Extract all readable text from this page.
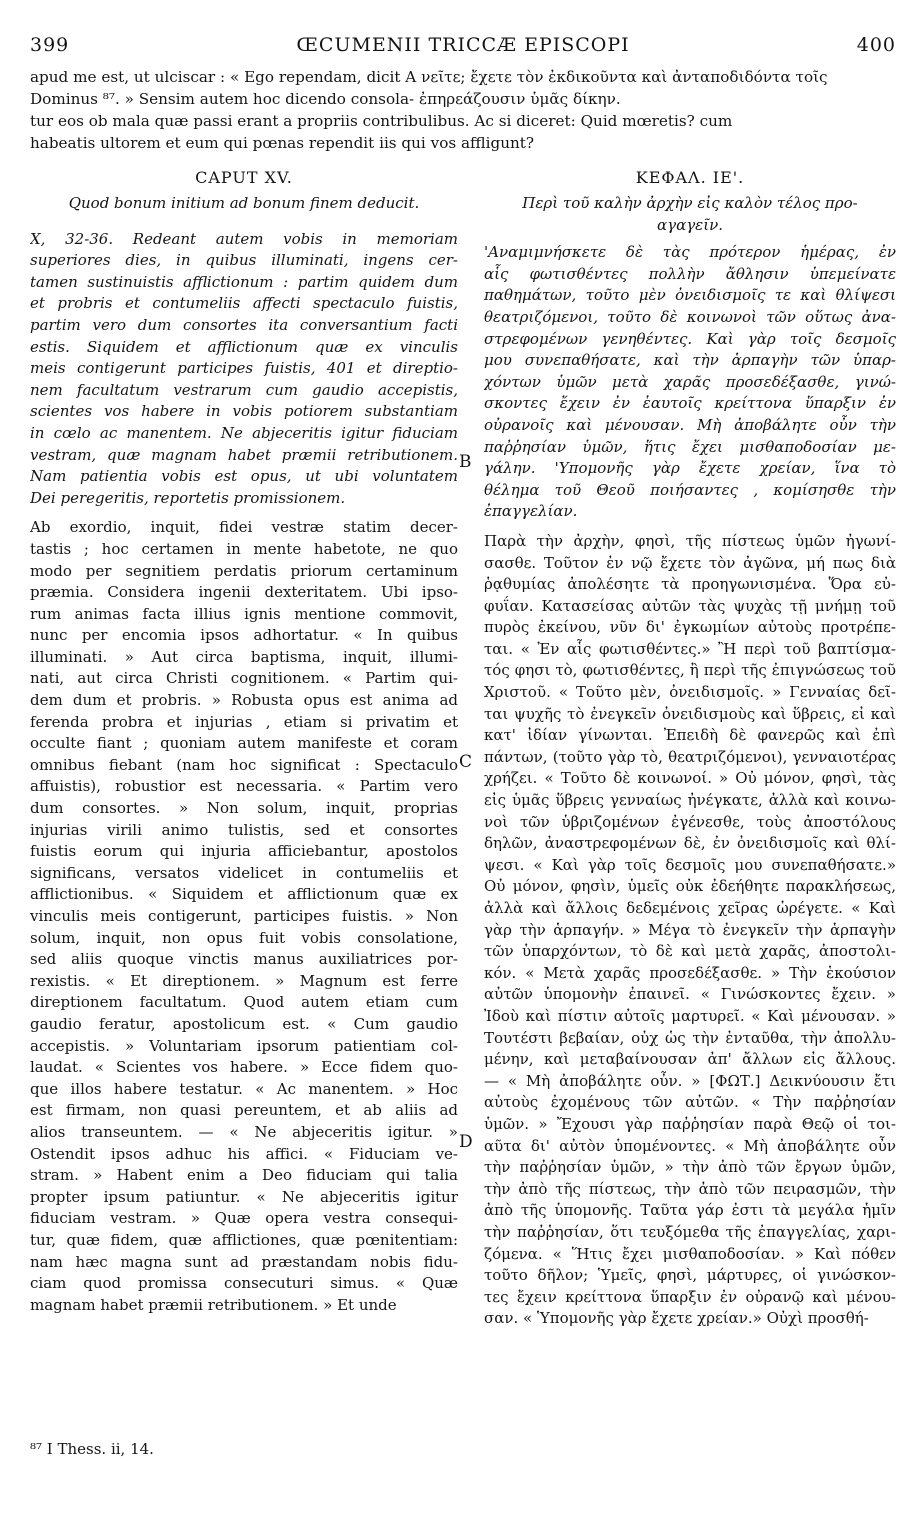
399	ŒCUMENII TRICCÆ EPISCOPI	400
apud me est, ut ulciscar : « Ego rependam, dicit A νεῖτε; ἔχετε τὸν ἐκδικοῦντα καὶ ἀνταποδιδόντα τοῖς
Dominus ⁸⁷. » Sensim autem hoc dicendo consola- ἐπηρεάζουσιν ὑμᾶς δίκην.
tur eos ob mala quæ passi erant a propriis contribulibus. Ac si diceret: Quid mœretis? cum
habeatis ultorem et eum qui pœnas rependit iis qui vos affligunt?
CAPUT XV.
Quod bonum initium ad bonum finem deducit.
X, 32-36. Redeant autem vobis in memoriam
superiores dies, in quibus illuminati, ingens cer-
tamen sustinuistis afflictionum : partim quidem dum
et probris et contumeliis affecti spectaculo fuistis,
partim vero dum consortes ita conversantium facti
estis. Siquidem et afflictionum quæ ex vinculis
meis contigerunt participes fuistis, 401 et direptio-
nem facultatum vestrarum cum gaudio accepistis,
scientes vos habere in vobis potiorem substantiam
in cœlo ac manentem. Ne abjeceritis igitur fiduciam
vestram, quæ magnam habet præmii retributionem.
Nam patientia vobis est opus, ut ubi voluntatem
Dei peregeritis, reportetis promissionem.
Ab exordio, inquit, fidei vestræ statim decer-
tastis ; hoc certamen in mente habetote, ne quo
modo per segnitiem perdatis priorum certaminum
præmia. Considera ingenii dexteritatem. Ubi ipso-
rum animas facta illius ignis mentione commovit,
nunc per encomia ipsos adhortatur. « In quibus
illuminati. » Aut circa baptisma, inquit, illumi-
nati, aut circa Christi cognitionem. « Partim qui-
dem dum et probris. » Robusta opus est anima ad
ferenda probra et injurias , etiam si privatim et
occulte fiant ; quoniam autem manifeste et coram
omnibus fiebant (nam hoc significat : Spectaculo
affuistis), robustior est necessaria. « Partim vero
dum consortes. » Non solum, inquit, proprias
injurias virili animo tulistis, sed et consortes
fuistis eorum qui injuria afficiebantur, apostolos
significans, versatos videlicet in contumeliis et
afflictionibus. « Siquidem et afflictionum quæ ex
vinculis meis contigerunt, participes fuistis. » Non
solum, inquit, non opus fuit vobis consolatione,
sed aliis quoque vinctis manus auxiliatrices por-
rexistis. « Et direptionem. » Magnum est ferre
direptionem facultatum. Quod autem etiam cum
gaudio feratur, apostolicum est. « Cum gaudio
accepistis. » Voluntariam ipsorum patientiam col-
laudat. « Scientes vos habere. » Ecce fidem quo-
que illos habere testatur. « Ac manentem. » Hoc
est firmam, non quasi pereuntem, et ab aliis ad
alios transeuntem. — « Ne abjeceritis igitur. »
Ostendit ipsos adhuc his affici. « Fiduciam ve-
stram. » Habent enim a Deo fiduciam qui talia
propter ipsum patiuntur. « Ne abjeceritis igitur
fiduciam vestram. » Quæ opera vestra consequi-
tur, quæ fidem, quæ afflictiones, quæ pœnitentiam:
nam hæc magna sunt ad præstandam nobis fidu-
ciam quod promissa consecuturi simus. « Quæ
magnam habet præmii retributionem. » Et unde
ΚΕΦΑΛ. ΙΕ'.
Περὶ τοῦ καλὴν ἀρχὴν εἰς καλὸν τέλος προ-
αγαγεῖν.
'Αναμιμνήσκετε δὲ τὰς πρότερον ἡμέρας, ἐν
αἷς φωτισθέντες πολλὴν ἄθλησιν ὑπεμείνατε
παθημάτων, τοῦτο μὲν ὀνειδισμοῖς τε καὶ θλίψεσι
θεατριζόμενοι, τοῦτο δὲ κοινωνοὶ τῶν οὕτως ἀνα-
στρεφομένων γενηθέντες. Καὶ γὰρ τοῖς δεσμοῖς
μου συνεπαθήσατε, καὶ τὴν ἁρπαγὴν τῶν ὑπαρ-
χόντων ὑμῶν μετὰ χαρᾶς προσεδέξασθε, γινώ-
σκοντες ἔχειν ἐν ἑαυτοῖς κρείττονα ὕπαρξιν ἐν
οὐρανοῖς καὶ μένουσαν. Μὴ ἀποβάλητε οὖν τὴν
παῤῥησίαν ὑμῶν, ἥτις ἔχει μισθαποδοσίαν με-
γάλην. 'Υπομονῆς γὰρ ἔχετε χρείαν, ἵνα τὸ
θέλημα τοῦ Θεοῦ ποιήσαντες , κομίσησθε τὴν
ἐπαγγελίαν.
Παρὰ τὴν ἀρχὴν, φησὶ, τῆς πίστεως ὑμῶν ἠγωνί-
σασθε. Τοῦτον ἐν νῷ ἔχετε τὸν ἀγῶνα, μή πως διὰ
ῥᾳθυμίας ἀπολέσητε τὰ προηγωνισμένα. Ὅρα εὐ-
φυΐαν. Κατασείσας αὐτῶν τὰς ψυχὰς τῇ μνήμῃ τοῦ
πυρὸς ἐκείνου, νῦν δι' ἐγκωμίων αὐτοὺς προτρέπε-
ται. « Ἐν αἷς φωτισθέντες.» Ἢ περὶ τοῦ βαπτίσμα-
τός φησι τὸ, φωτισθέντες, ἢ περὶ τῆς ἐπιγνώσεως τοῦ
Χριστοῦ. « Τοῦτο μὲν, ὀνειδισμοῖς. » Γενναίας δεῖ-
ται ψυχῆς τὸ ἐνεγκεῖν ὀνειδισμοὺς καὶ ὕβρεις, εἰ καὶ
κατ' ἰδίαν γίνωνται. Ἐπειδὴ δὲ φανερῶς καὶ ἐπὶ
πάντων, (τοῦτο γὰρ τὸ, θεατριζόμενοι), γενναιοτέρας
χρήζει. « Τοῦτο δὲ κοινωνοί. » Οὐ μόνον, φησὶ, τὰς
εἰς ὑμᾶς ὕβρεις γενναίως ἠνέγκατε, ἀλλὰ καὶ κοινω-
νοὶ τῶν ὑβριζομένων ἐγένεσθε, τοὺς ἀποστόλους
δηλῶν, ἀναστρεφομένων δὲ, ἐν ὀνειδισμοῖς καὶ θλί-
ψεσι. « Καὶ γὰρ τοῖς δεσμοῖς μου συνεπαθήσατε.»
Οὐ μόνον, φησὶν, ὑμεῖς οὐκ ἐδεήθητε παρακλήσεως,
ἀλλὰ καὶ ἄλλοις δεδεμένοις χεῖρας ὠρέγετε. « Καὶ
γὰρ τὴν ἁρπαγήν. » Μέγα τὸ ἐνεγκεῖν τὴν ἁρπαγὴν
τῶν ὑπαρχόντων, τὸ δὲ καὶ μετὰ χαρᾶς, ἀποστολι-
κόν. « Μετὰ χαρᾶς προσεδέξασθε. » Τὴν ἑκούσιον
αὐτῶν ὑπομονὴν ἐπαινεῖ. « Γινώσκοντες ἔχειν. »
Ἰδοὺ καὶ πίστιν αὐτοῖς μαρτυρεῖ. « Καὶ μένουσαν. »
Τουτέστι βεβαίαν, οὐχ ὡς τὴν ἐνταῦθα, τὴν ἀπολλυ-
μένην, καὶ μεταβαίνουσαν ἀπ' ἄλλων εἰς ἄλλους.
— « Μὴ ἀποβάλητε οὖν. » [ΦΩΤ.] Δεικνύουσιν ἔτι
αὐτοὺς ἐχομένους τῶν αὐτῶν. « Τὴν παῤῥησίαν
ὑμῶν. » Ἔχουσι γὰρ παῤῥησίαν παρὰ Θεῷ οἱ τοι-
αῦτα δι' αὐτὸν ὑπομένοντες. « Μὴ ἀποβάλητε οὖν
τὴν παῤῥησίαν ὑμῶν, » τὴν ἀπὸ τῶν ἔργων ὑμῶν,
τὴν ἀπὸ τῆς πίστεως, τὴν ἀπὸ τῶν πειρασμῶν, τὴν
ἀπὸ τῆς ὑπομονῆς. Ταῦτα γάρ ἐστι τὰ μεγάλα ἡμῖν
τὴν παῤῥησίαν, ὅτι τευξόμεθα τῆς ἐπαγγελίας, χαρι-
ζόμενα. « Ἥτις ἔχει μισθαποδοσίαν. » Καὶ πόθεν
τοῦτο δῆλον; Ὑμεῖς, φησὶ, μάρτυρες, οἱ γινώσκον-
τες ἔχειν κρείττονα ὕπαρξιν ἐν οὐρανῷ καὶ μένου-
σαν. « Ὑπομονῆς γὰρ ἔχετε χρείαν.» Οὐχὶ προσθή-
B
C
D
⁸⁷ I Thess. ii, 14.
